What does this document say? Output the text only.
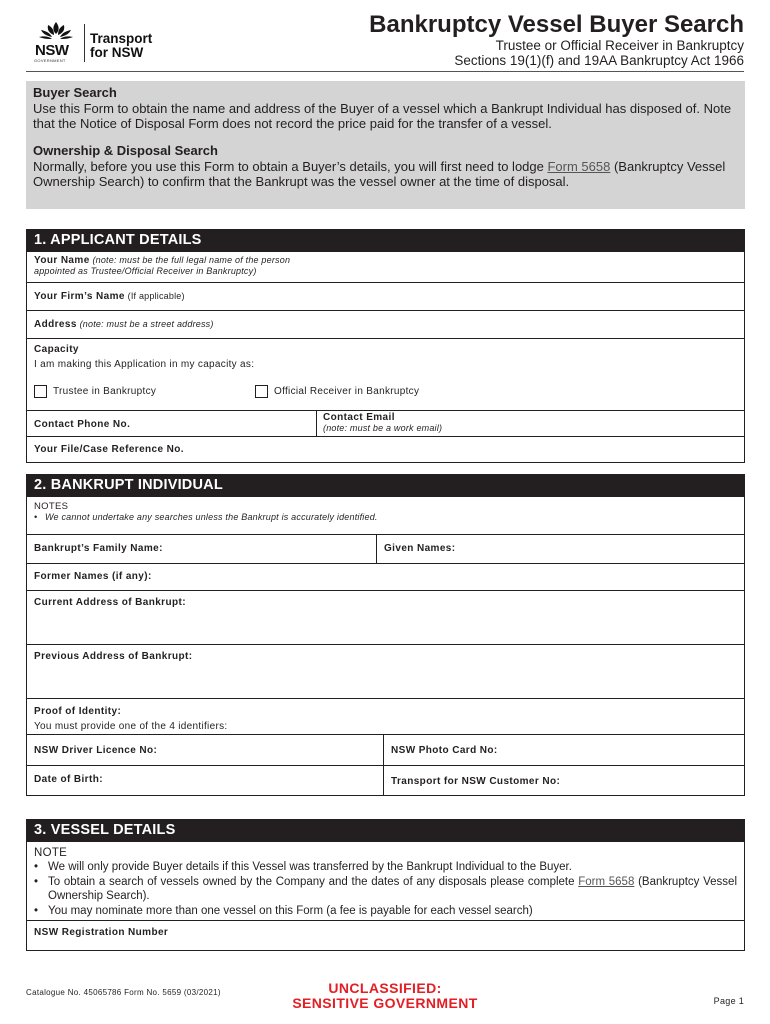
NSW
GOVERNMENT
Transport
for NSW
Bankruptcy Vessel Buyer Search
Trustee or Official Receiver in Bankruptcy
Sections 19(1)(f) and 19AA Bankruptcy Act 1966
Buyer Search

Use this Form to obtain the name and address of the Buyer of a vessel which a Bankrupt Individual has disposed of. Note that the Notice of Disposal Form does not record the price paid for the transfer of a vessel.

Ownership & Disposal Search

Normally, before you use this Form to obtain a Buyer’s details, you will first need to lodge Form 5658 (Bankruptcy Vessel Ownership Search) to confirm that the Bankrupt was the vessel owner at the time of disposal.

1. APPLICANT DETAILS
Your Name (note: must be the full legal name of the person
appointed as Trustee/Official Receiver in Bankruptcy)
Your Firm’s Name (If applicable)
Address (note: must be a street address)
Capacity
I am making this Application in my capacity as:
Trustee in Bankruptcy	Official Receiver in Bankruptcy
Contact Phone No.
Contact Email
(note: must be a work email)
Your File/Case Reference No.
2. BANKRUPT INDIVIDUAL
NOTES
• We cannot undertake any searches unless the Bankrupt is accurately identified.
Bankrupt’s Family Name:	Given Names:
Former Names (if any):
Current Address of Bankrupt:
Previous Address of Bankrupt:
Proof of Identity:
You must provide one of the 4 identifiers:
NSW Driver Licence No:	NSW Photo Card No:
Date of Birth:	Transport for NSW Customer No:
3. VESSEL DETAILS
NOTE
• We will only provide Buyer details if this Vessel was transferred by the Bankrupt Individual to the Buyer.
• To obtain a search of vessels owned by the Company and the dates of any disposals please complete Form 5658 (Bankruptcy Vessel Ownership Search).
• You may nominate more than one vessel on this Form (a fee is payable for each vessel search)
NSW Registration Number
Catalogue No. 45065786 Form No. 5659 (03/2021)	UNCLASSIFIED:
SENSITIVE GOVERNMENT	Page 1
